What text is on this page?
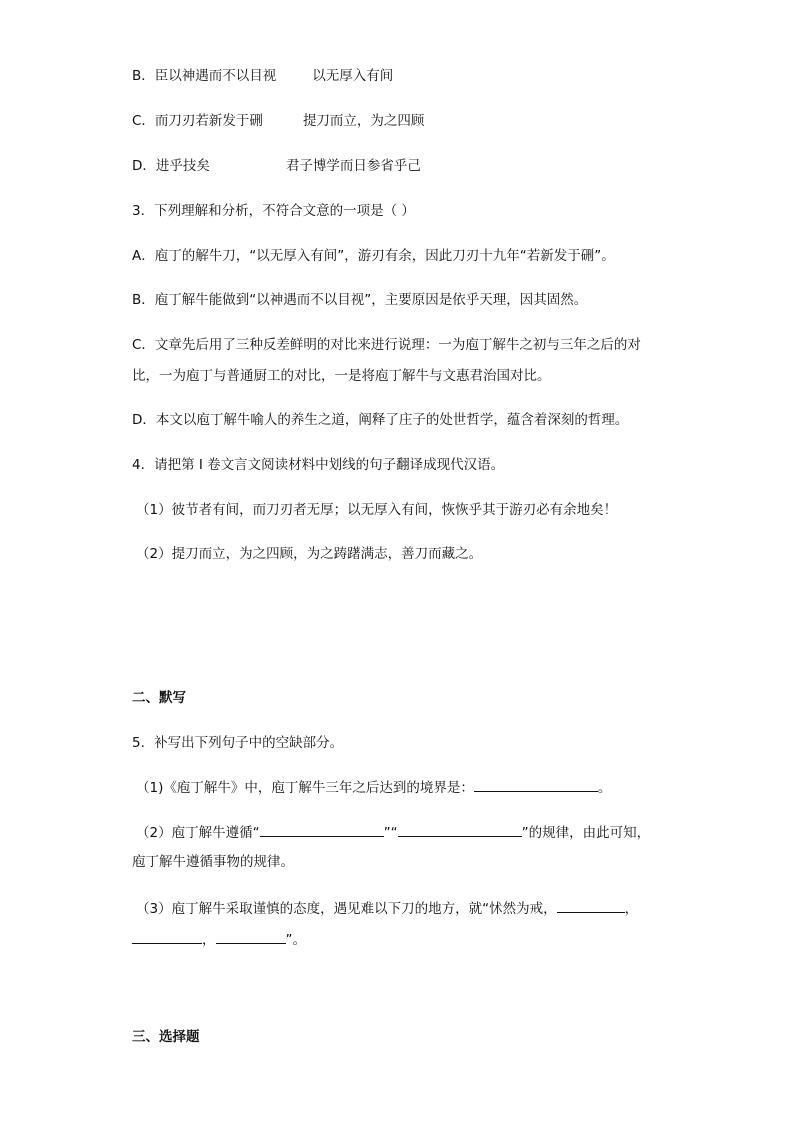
B．臣以神遇而不以目视	以无厚入有间
C．而刀刃若新发于硎	提刀而立，为之四顾
D．进乎技矣	君子博学而日参省乎己
3．下列理解和分析，不符合文意的一项是（ ）
A．庖丁的解牛刀，“以无厚入有间”，游刃有余，因此刀刃十九年“若新发于硎”。
B．庖丁解牛能做到“以神遇而不以目视”，主要原因是依乎天理，因其固然。
C．文章先后用了三种反差鲜明的对比来进行说理：一为庖丁解牛之初与三年之后的对
比，一为庖丁与普通厨工的对比，一是将庖丁解牛与文惠君治国对比。
D．本文以庖丁解牛喻人的养生之道，阐释了庄子的处世哲学，蕴含着深刻的哲理。
4．请把第 I 卷文言文阅读材料中划线的句子翻译成现代汉语。
（1）彼节者有间，而刀刃者无厚；以无厚入有间，恢恢乎其于游刃必有余地矣！
（2）提刀而立，为之四顾，为之踌躇满志，善刀而藏之。
二、默写
5．补写出下列句子中的空缺部分。
（1)《庖丁解牛》中，庖丁解牛三年之后达到的境界是：	。
（2）庖丁解牛遵循“	”“	”的规律，由此可知，
庖丁解牛遵循事物的规律。
（3）庖丁解牛采取谨慎的态度，遇见难以下刀的地方，就“怵然为戒，	，
，	”。
三、选择题
